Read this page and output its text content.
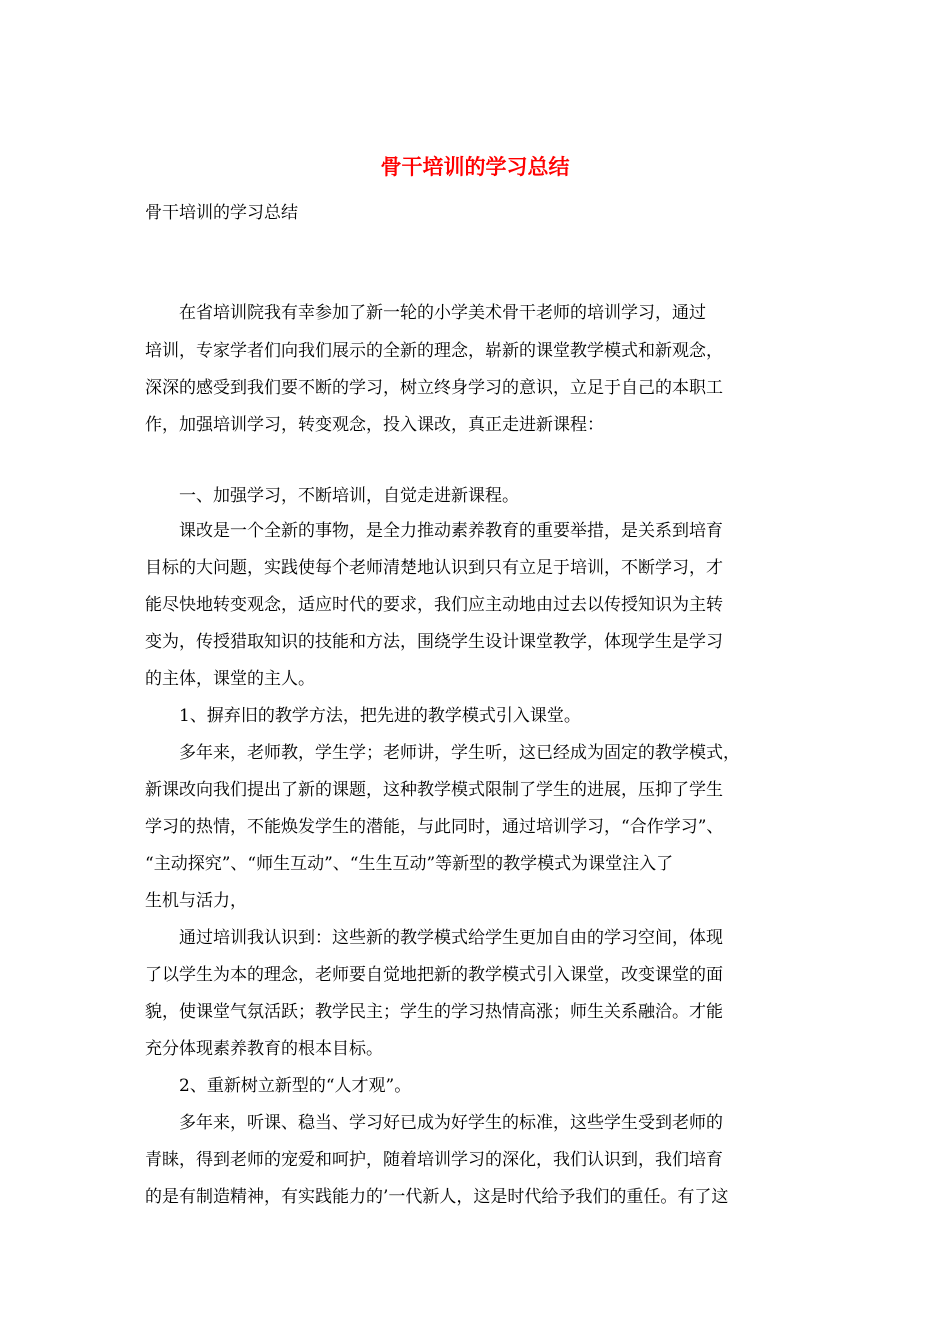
骨干培训的学习总结
骨干培训的学习总结
　　在省培训院我有幸参加了新一轮的小学美术骨干老师的培训学习，通过
培训，专家学者们向我们展示的全新的理念，崭新的课堂教学模式和新观念，
深深的感受到我们要不断的学习，树立终身学习的意识，立足于自己的本职工
作，加强培训学习，转变观念，投入课改，真正走进新课程：
　　一、加强学习，不断培训，自觉走进新课程。
　　课改是一个全新的事物，是全力推动素养教育的重要举措，是关系到培育
目标的大问题，实践使每个老师清楚地认识到只有立足于培训，不断学习，才
能尽快地转变观念，适应时代的要求，我们应主动地由过去以传授知识为主转
变为，传授猎取知识的技能和方法，围绕学生设计课堂教学，体现学生是学习
的主体，课堂的主人。
　　1、摒弃旧的教学方法，把先进的教学模式引入课堂。
　　多年来，老师教，学生学；老师讲，学生听，这已经成为固定的教学模式，
新课改向我们提出了新的课题，这种教学模式限制了学生的进展，压抑了学生
学习的热情，不能焕发学生的潜能，与此同时，通过培训学习，“合作学习”、
“主动探究”、“师生互动”、“生生互动”等新型的教学模式为课堂注入了
生机与活力，
　　通过培训我认识到：这些新的教学模式给学生更加自由的学习空间，体现
了以学生为本的理念，老师要自觉地把新的教学模式引入课堂，改变课堂的面
貌，使课堂气氛活跃；教学民主；学生的学习热情高涨；师生关系融洽。才能
充分体现素养教育的根本目标。
　　2、重新树立新型的“人才观”。
　　多年来，听课、稳当、学习好已成为好学生的标准，这些学生受到老师的
青睐，得到老师的宠爱和呵护，随着培训学习的深化，我们认识到，我们培育
的是有制造精神，有实践能力的’一代新人，这是时代给予我们的重任。有了这
